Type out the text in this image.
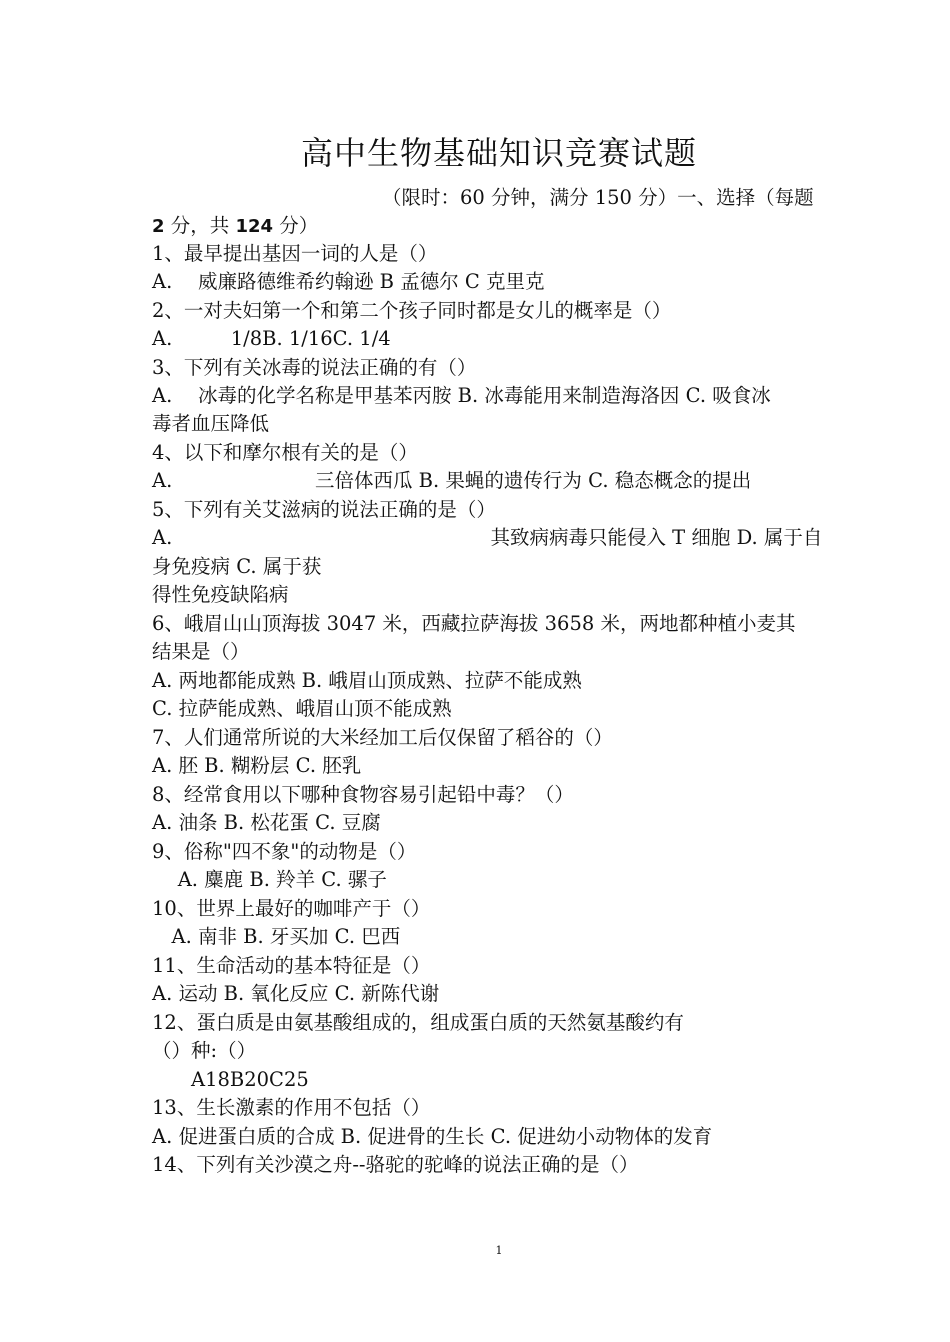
高中生物基础知识竞赛试题
（限时：60 分钟，满分 150 分）一、选择（每题
2 分，共 124 分）
1、最早提出基因一词的人是（）
A.　 威廉路德维希约翰逊 B 孟德尔 C 克里克
2、一对夫妇第一个和第二个孩子同时都是女儿的概率是（）
A.　　　1/8B. 1/16C. 1/4
3、下列有关冰毒的说法正确的有（）
A.　 冰毒的化学名称是甲基苯丙胺 B. 冰毒能用来制造海洛因 C. 吸食冰
毒者血压降低
4、以下和摩尔根有关的是（）
A.　　　　　　　 三倍体西瓜 B. 果蝇的遗传行为 C. 稳态概念的提出
5、下列有关艾滋病的说法正确的是（）
A.　　　　　　　　　　　　　　　　 其致病病毒只能侵入 T 细胞 D. 属于自
身免疫病 C. 属于获
得性免疫缺陷病
6、峨眉山山顶海拔 3047 米，西藏拉萨海拔 3658 米，两地都种植小麦其
结果是（）
A. 两地都能成熟 B. 峨眉山顶成熟、拉萨不能成熟
C. 拉萨能成熟、峨眉山顶不能成熟
7、人们通常所说的大米经加工后仅保留了稻谷的（）
A. 胚 B. 糊粉层 C. 胚乳
8、经常食用以下哪种食物容易引起铅中毒？（）
A. 油条 B. 松花蛋 C. 豆腐
9、俗称"四不象"的动物是（）
　 A. 麋鹿 B. 羚羊 C. 骡子
10、世界上最好的咖啡产于（）
　A. 南非 B. 牙买加 C. 巴西
11、生命活动的基本特征是（）
A. 运动 B. 氧化反应 C. 新陈代谢
12、蛋白质是由氨基酸组成的，组成蛋白质的天然氨基酸约有
（）种:（）
　　A18B20C25
13、生长激素的作用不包括（）
A. 促进蛋白质的合成 B. 促进骨的生长 C. 促进幼小动物体的发育
14、下列有关沙漠之舟--骆驼的驼峰的说法正确的是（）
1
